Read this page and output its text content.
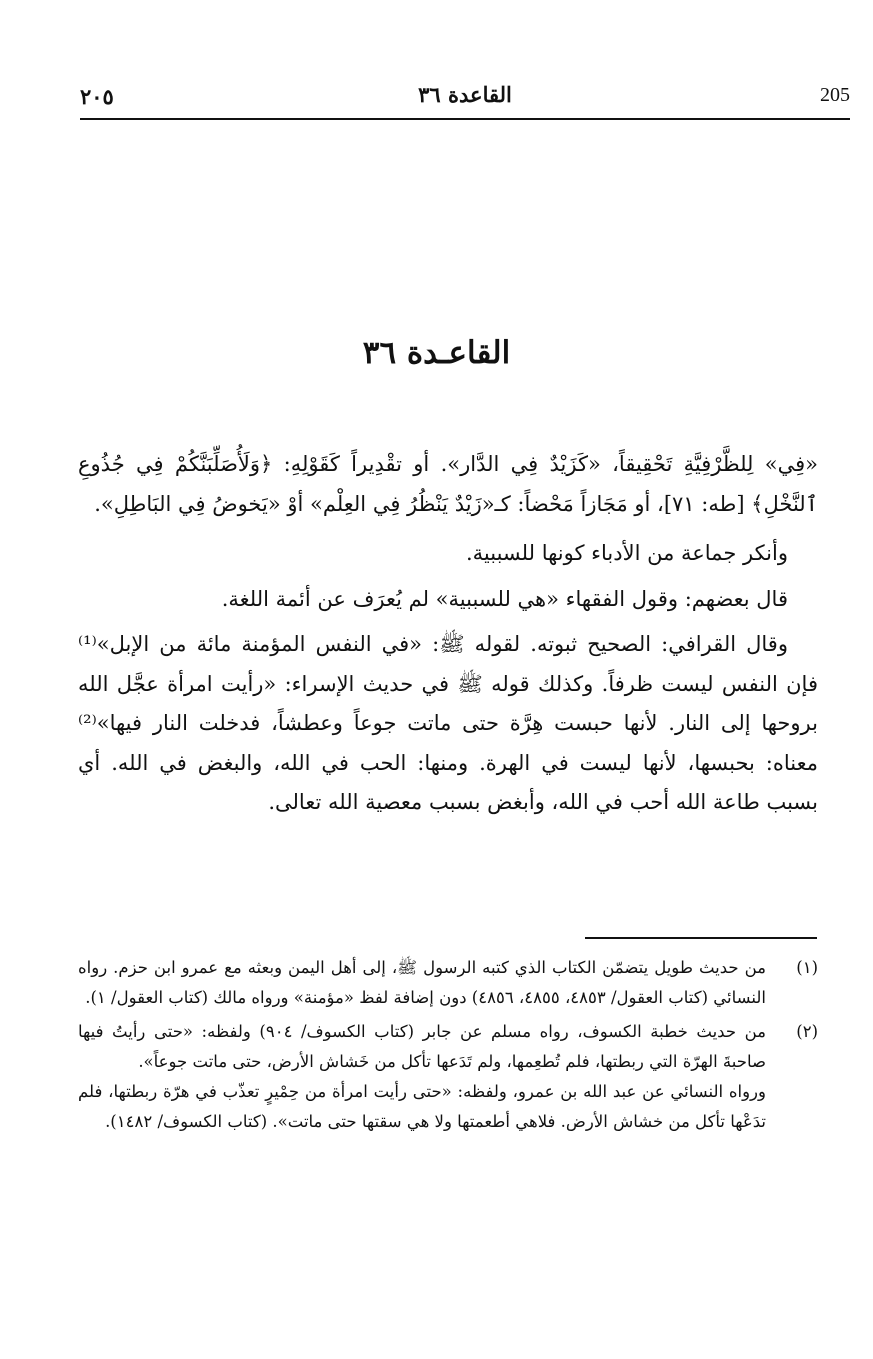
٢٠٥	القاعدة ٣٦	205
القاعـدة ٣٦

«فِي» لِلظَّرْفِيَّةِ تَحْقِيقاً، «كَزَيْدٌ فِي الدَّار». أو تقْدِيراً كَقَوْلِهِ: ﴿وَلَأُصَلِّبَنَّكُمْ فِي جُذُوعِ ٱلنَّخْلِ﴾ [طه: ٧١]، أو مَجَازاً مَحْضاً: كـ«زَيْدٌ يَنْظُرُ فِي العِلْم» أوْ «يَخوضُ فِي البَاطِلِ».

وأنكر جماعة من الأدباء كونها للسببية.

قال بعضهم: وقول الفقهاء «هي للسببية» لم يُعرَف عن أئمة اللغة.

وقال القرافي: الصحيح ثبوته. لقوله ﷺ: «في النفس المؤمنة مائة من الإبل»⁽¹⁾ فإن النفس ليست ظرفاً. وكذلك قوله ﷺ في حديث الإسراء: «رأيت امرأة عجَّل الله بروحها إلى النار. لأنها حبست هِرَّة حتى ماتت جوعاً وعطشاً، فدخلت النار فيها»⁽²⁾ معناه: بحبسها، لأنها ليست في الهرة. ومنها: الحب في الله، والبغض في الله. أي بسبب طاعة الله أحب في الله، وأبغض بسبب معصية الله تعالى.

(١)

من حديث طويل يتضمّن الكتاب الذي كتبه الرسول ﷺ، إلى أهل اليمن وبعثه مع عمرو ابن حزم. رواه النسائي (كتاب العقول/ ٤٨٥٣، ٤٨٥٥، ٤٨٥٦) دون إضافة لفظ «مؤمنة» ورواه مالك (كتاب العقول/ ١).

(٢)

من حديث خطبة الكسوف، رواه مسلم عن جابر (كتاب الكسوف/ ٩٠٤) ولفظه: «حتى رأيتُ فيها صاحبةَ الهرّة التي ربطتها، فلم تُطعِمها، ولم تَدَعها تأكل من خَشاش الأرض، حتى ماتت جوعاً».

ورواه النسائي عن عبد الله بن عمرو، ولفظه: «حتى رأيت امرأة من حِمْيرٍ تعذّب في هرّة ربطتها، فلم تدَعْها تأكل من خشاش الأرض. فلاهي أطعمتها ولا هي سقتها حتى ماتت». (كتاب الكسوف/ ١٤٨٢).
